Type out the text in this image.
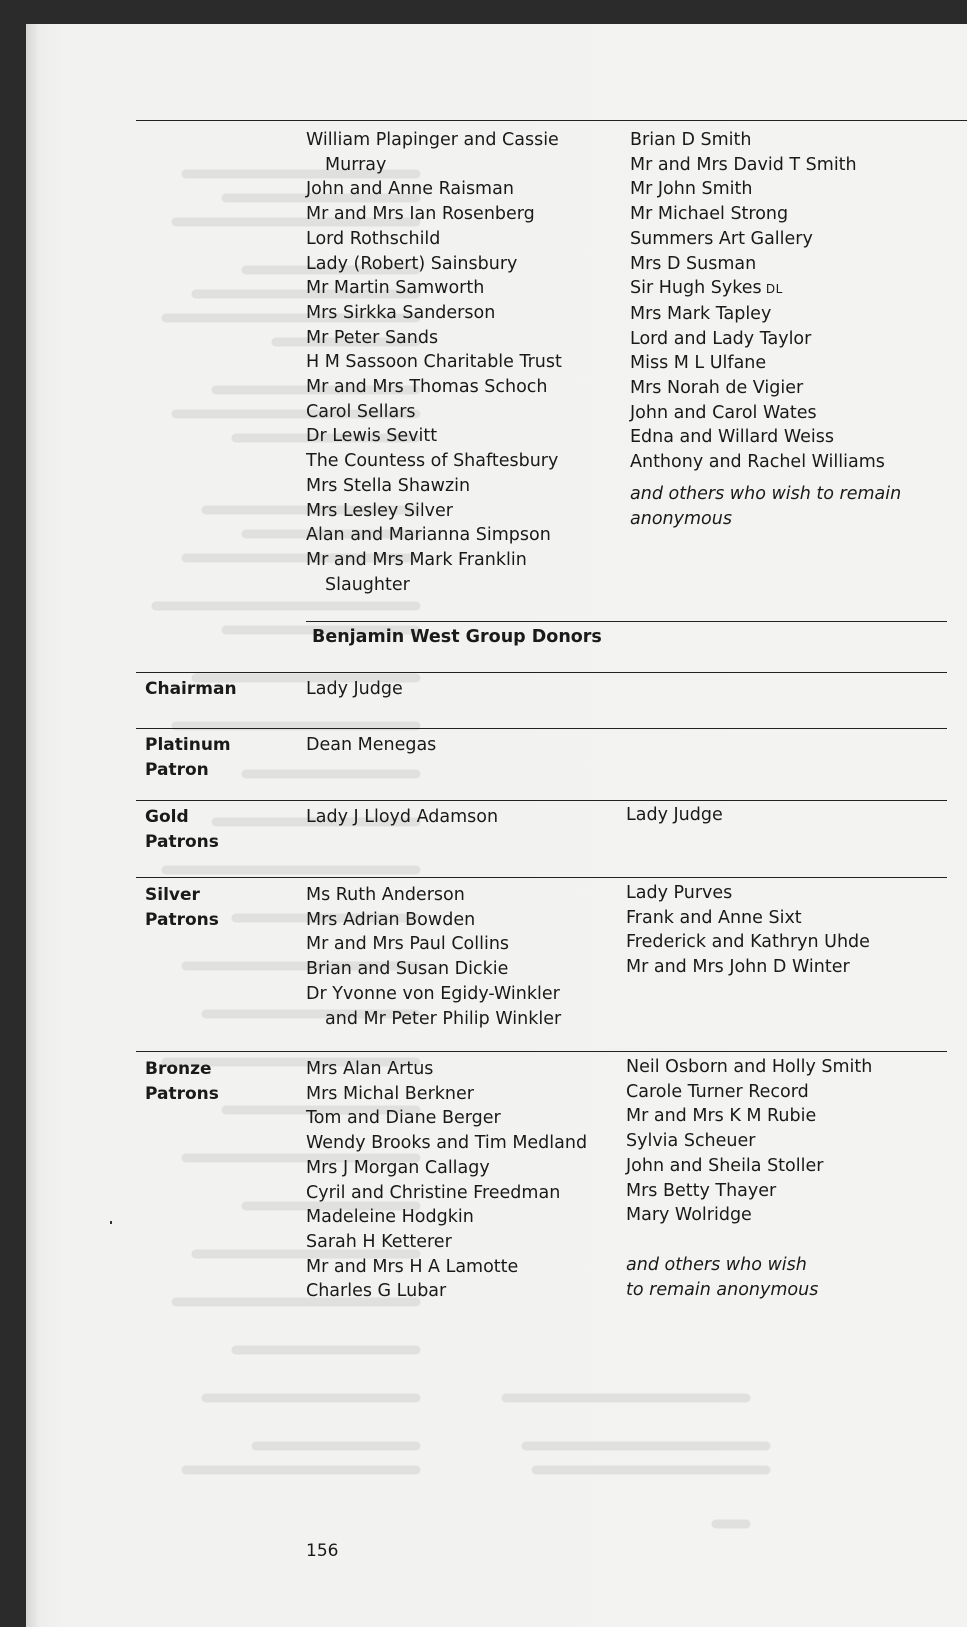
William Plapinger and Cassie
Murray
John and Anne Raisman
Mr and Mrs Ian Rosenberg
Lord Rothschild
Lady (Robert) Sainsbury
Mr Martin Samworth
Mrs Sirkka Sanderson
Mr Peter Sands
H M Sassoon Charitable Trust
Mr and Mrs Thomas Schoch
Carol Sellars
Dr Lewis Sevitt
The Countess of Shaftesbury
Mrs Stella Shawzin
Mrs Lesley Silver
Alan and Marianna Simpson
Mr and Mrs Mark Franklin
Slaughter
Brian D Smith
Mr and Mrs David T Smith
Mr John Smith
Mr Michael Strong
Summers Art Gallery
Mrs D Susman
Sir Hugh Sykes DL
Mrs Mark Tapley
Lord and Lady Taylor
Miss M L Ulfane
Mrs Norah de Vigier
John and Carol Wates
Edna and Willard Weiss
Anthony and Rachel Williams
and others who wish to remain
anonymous
Benjamin West Group Donors
Chairman	Lady Judge
Platinum
Patron
Dean Menegas
Gold
Patrons
Lady J Lloyd Adamson	Lady Judge
Silver
Patrons
Ms Ruth Anderson
Mrs Adrian Bowden
Mr and Mrs Paul Collins
Brian and Susan Dickie
Dr Yvonne von Egidy-Winkler
and Mr Peter Philip Winkler
Lady Purves
Frank and Anne Sixt
Frederick and Kathryn Uhde
Mr and Mrs John D Winter
Bronze
Patrons
Mrs Alan Artus
Mrs Michal Berkner
Tom and Diane Berger
Wendy Brooks and Tim Medland
Mrs J Morgan Callagy
Cyril and Christine Freedman
Madeleine Hodgkin
Sarah H Ketterer
Mr and Mrs H A Lamotte
Charles G Lubar
Neil Osborn and Holly Smith
Carole Turner Record
Mr and Mrs K M Rubie
Sylvia Scheuer
John and Sheila Stoller
Mrs Betty Thayer
Mary Wolridge
and others who wish
to remain anonymous
156
